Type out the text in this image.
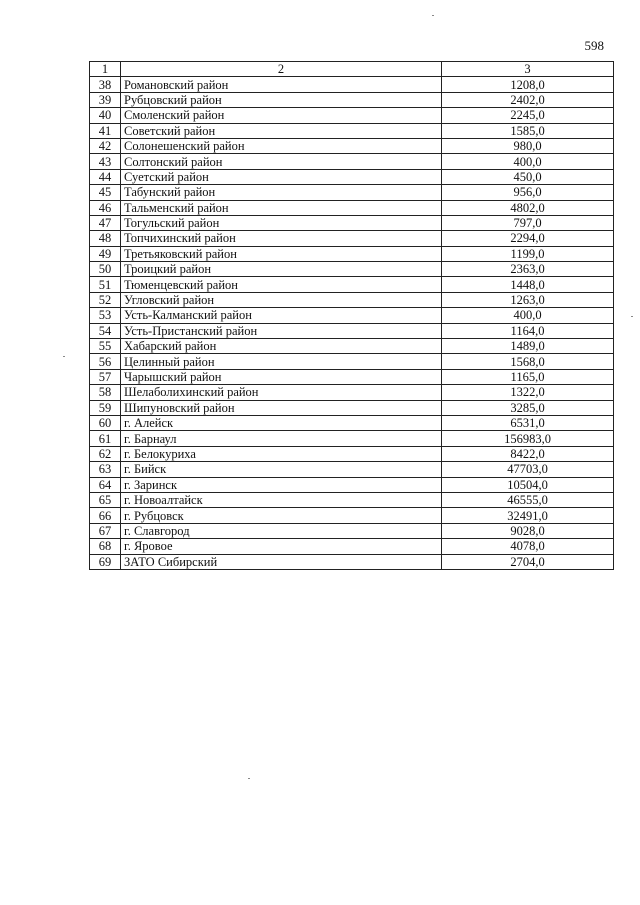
598
1	2	3
38	Романовский район	1208,0
39	Рубцовский район	2402,0
40	Смоленский район	2245,0
41	Советский район	1585,0
42	Солонешенский район	980,0
43	Солтонский район	400,0
44	Суетский район	450,0
45	Табунский район	956,0
46	Тальменский район	4802,0
47	Тогульский район	797,0
48	Топчихинский район	2294,0
49	Третьяковский район	1199,0
50	Троицкий район	2363,0
51	Тюменцевский район	1448,0
52	Угловский район	1263,0
53	Усть-Калманский район	400,0
54	Усть-Пристанский район	1164,0
55	Хабарский район	1489,0
56	Целинный район	1568,0
57	Чарышский район	1165,0
58	Шелаболихинский район	1322,0
59	Шипуновский район	3285,0
60	г. Алейск	6531,0
61	г. Барнаул	156983,0
62	г. Белокуриха	8422,0
63	г. Бийск	47703,0
64	г. Заринск	10504,0
65	г. Новоалтайск	46555,0
66	г. Рубцовск	32491,0
67	г. Славгород	9028,0
68	г. Яровое	4078,0
69	ЗАТО Сибирский	2704,0
